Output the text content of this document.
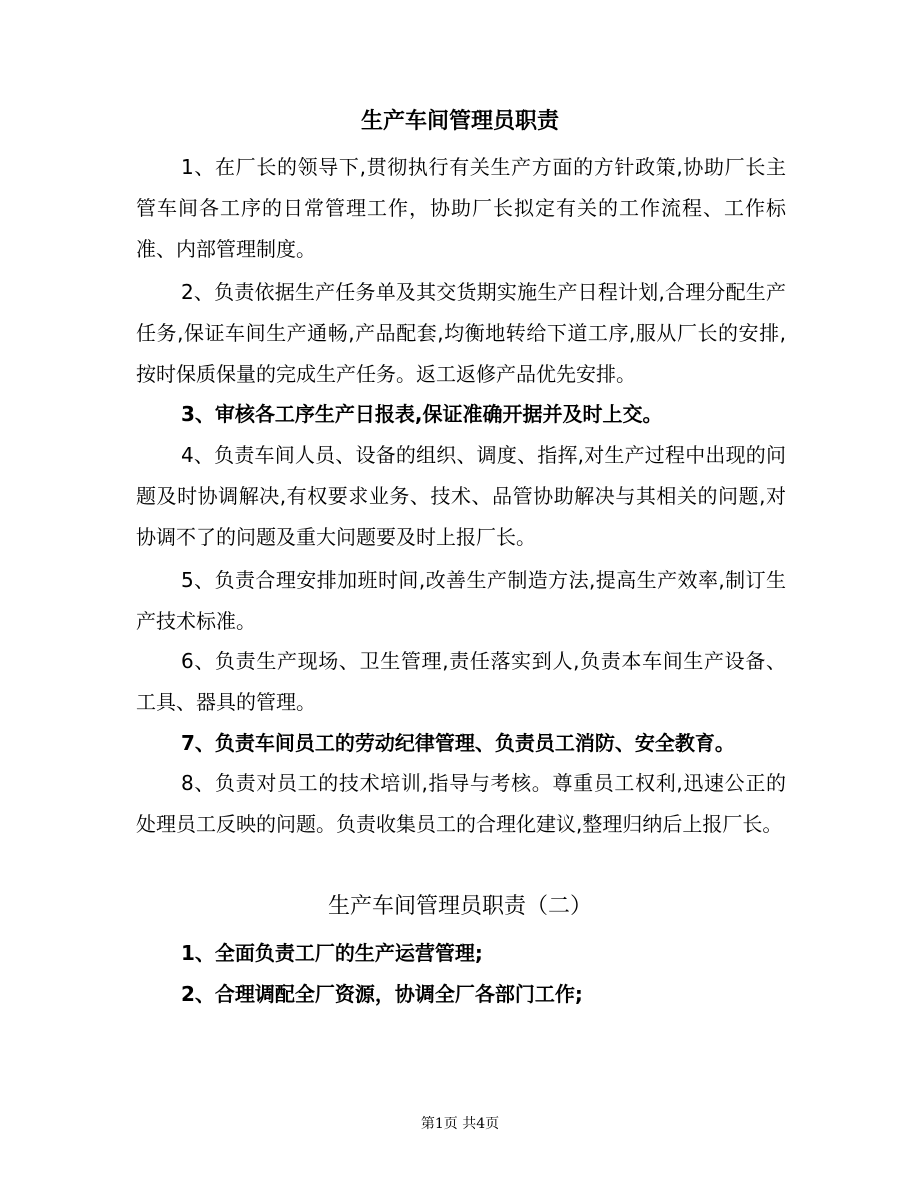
生产车间管理员职责
1、在厂长的领导下,贯彻执行有关生产方面的方针政策,协助厂长主管车间各工序的日常管理工作，协助厂长拟定有关的工作流程、工作标准、内部管理制度。
2、负责依据生产任务单及其交货期实施生产日程计划,合理分配生产任务,保证车间生产通畅,产品配套,均衡地转给下道工序,服从厂长的安排,按时保质保量的完成生产任务。返工返修产品优先安排。
3、审核各工序生产日报表,保证准确开据并及时上交。
4、负责车间人员、设备的组织、调度、指挥,对生产过程中出现的问题及时协调解决,有权要求业务、技术、品管协助解决与其相关的问题,对协调不了的问题及重大问题要及时上报厂长。
5、负责合理安排加班时间,改善生产制造方法,提高生产效率,制订生产技术标准。
6、负责生产现场、卫生管理,责任落实到人,负责本车间生产设备、工具、器具的管理。
7、负责车间员工的劳动纪律管理、负责员工消防、安全教育。
8、负责对员工的技术培训,指导与考核。尊重员工权利,迅速公正的处理员工反映的问题。负责收集员工的合理化建议,整理归纳后上报厂长。
生产车间管理员职责（二）
1、全面负责工厂的生产运营管理;
2、合理调配全厂资源，协调全厂各部门工作;
第1页 共4页
